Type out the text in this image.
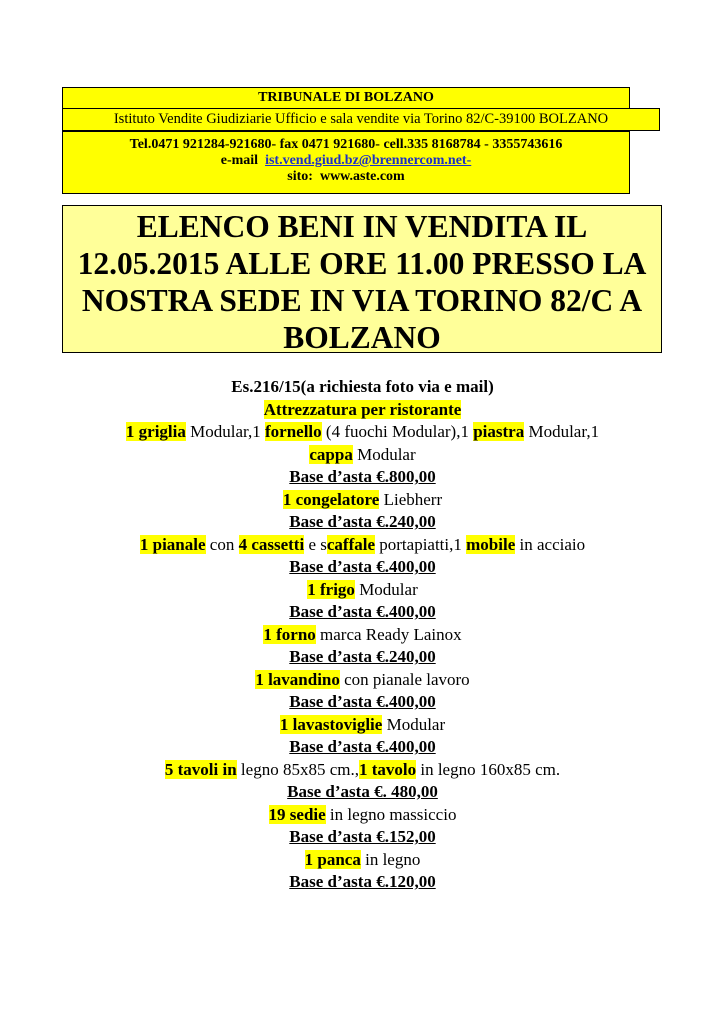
TRIBUNALE DI BOLZANO
Istituto Vendite Giudiziarie Ufficio e sala vendite via Torino 82/C-39100 BOLZANO
Tel.0471 921284-921680- fax 0471 921680- cell.335 8168784 - 3355743616
e-mail ist.vend.giud.bz@brennercom.net-
sito: www.aste.com
ELENCO BENI IN VENDITA IL
12.05.2015 ALLE ORE 11.00 PRESSO LA
NOSTRA SEDE IN VIA TORINO 82/C A
BOLZANO
Es.216/15(a richiesta foto via e mail)
Attrezzatura per ristorante
1 griglia Modular,1 fornello (4 fuochi Modular),1 piastra Modular,1
cappa Modular
Base d’asta €.800,00
1 congelatore Liebherr
Base d’asta €.240,00
1 pianale con 4 cassetti e scaffale portapiatti,1 mobile in acciaio
Base d’asta €.400,00
1 frigo Modular
Base d’asta €.400,00
1 forno marca Ready Lainox
Base d’asta €.240,00
1 lavandino con pianale lavoro
Base d’asta €.400,00
1 lavastoviglie Modular
Base d’asta €.400,00
5 tavoli in legno 85x85 cm.,1 tavolo in legno 160x85 cm.
Base d’asta €. 480,00
19 sedie in legno massiccio
Base d’asta €.152,00
1 panca in legno
Base d’asta €.120,00
